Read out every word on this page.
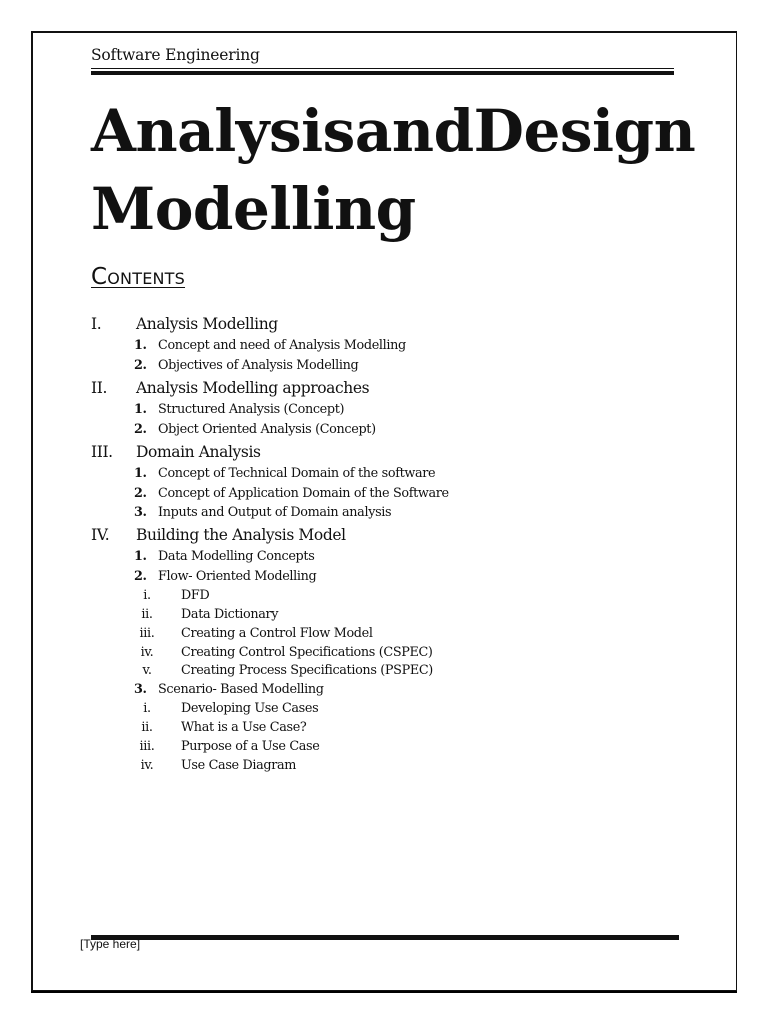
Software Engineering
Analysis and Design
Modelling
Contents
I.	Analysis Modelling
1. Concept and need of Analysis Modelling
2. Objectives of Analysis Modelling
II.	Analysis Modelling approaches
1. Structured Analysis (Concept)
2. Object Oriented Analysis (Concept)
III.	Domain Analysis
1. Concept of Technical Domain of the software
2. Concept of Application Domain of the Software
3. Inputs and Output of Domain analysis
IV.	Building the Analysis Model
1. Data Modelling Concepts
2. Flow- Oriented Modelling
i.	DFD
ii.	Data Dictionary
iii. Creating a Control Flow Model
iv. Creating Control Specifications (CSPEC)
v.	Creating Process Specifications (PSPEC)
3. Scenario- Based Modelling
i.	Developing Use Cases
ii.	What is a Use Case?
iii. Purpose of a Use Case
iv. Use Case Diagram
[Type here]
